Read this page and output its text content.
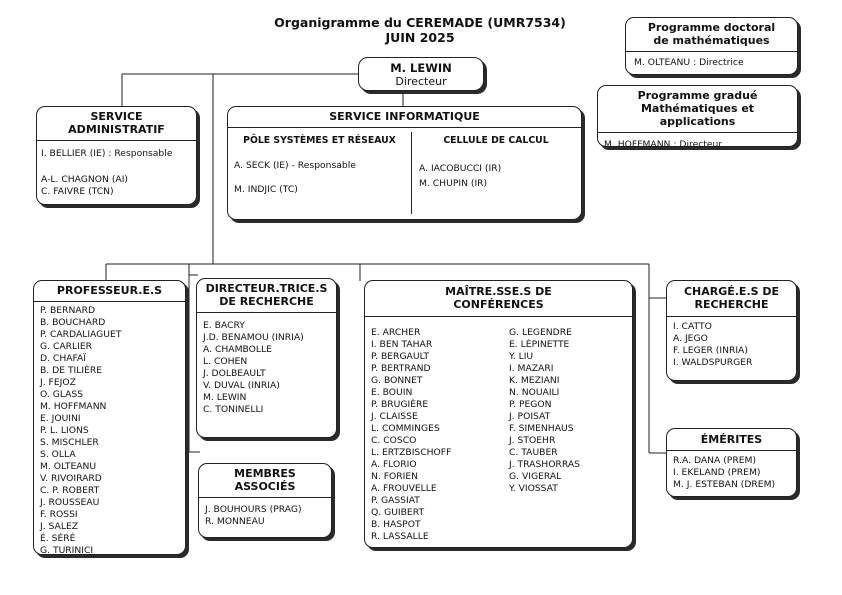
Organigramme du CEREMADE (UMR7534)
JUIN 2025
M. LEWIN
Directeur
Programme doctoral
de mathématiques
M. OLTEANU : Directrice
Programme gradué
Mathématiques et applications
M. HOFFMANN : Directeur
SERVICE
ADMINISTRATIF
I. BELLIER (IE) : Responsable
A-L. CHAGNON (AI)
C. FAIVRE (TCN)
SERVICE INFORMATIQUE
PÔLE SYSTÈMES ET RÉSEAUX
A. SECK (IE) - Responsable
M. INDJIC (TC)
CELLULE DE CALCUL
A. IACOBUCCI (IR)
M. CHUPIN (IR)
PROFESSEUR.E.S
P. BERNARD
B. BOUCHARD
P. CARDALIAGUET
G. CARLIER
D. CHAFAÏ
B. DE TILIÈRE
J. FEJOZ
O. GLASS
M. HOFFMANN
E. JOUINI
P. L. LIONS
S. MISCHLER
S. OLLA
M. OLTEANU
V. RIVOIRARD
C. P. ROBERT
J. ROUSSEAU
F. ROSSI
J. SALEZ
É. SÉRÉ
G. TURINICI
DIRECTEUR.TRICE.S
DE RECHERCHE
E. BACRY
J.D. BENAMOU (INRIA)
A. CHAMBOLLE
L. COHEN
J. DOLBEAULT
V. DUVAL (INRIA)
M. LEWIN
C. TONINELLI
MEMBRES
ASSOCIÉS
J. BOUHOURS (PRAG)
R. MONNEAU
MAÎTRE.SSE.S DE
CONFÉRENCES
E. ARCHER
I. BEN TAHAR
P. BERGAULT
P. BERTRAND
G. BONNET
E. BOUIN
P. BRUGIÈRE
J. CLAISSE
L. COMMINGES
C. COSCO
L. ERTZBISCHOFF
A. FLORIO
N. FORIEN
A. FROUVELLE
P. GASSIAT
Q. GUIBERT
B. HASPOT
R. LASSALLE
G. LEGENDRE
E. LÉPINETTE
Y. LIU
I. MAZARI
K. MEZIANI
N. NOUAILI
P. PEGON
J. POISAT
F. SIMENHAUS
J. STOEHR
C. TAUBER
J. TRASHORRAS
G. VIGERAL
Y. VIOSSAT
CHARGÉ.E.S DE
RECHERCHE
I. CATTO
A. JEGO
F. LEGER (INRIA)
I. WALDSPURGER
ÉMÉRITES
R.A. DANA (PREM)
I. EKELAND (PREM)
M. J. ESTEBAN (DREM)
